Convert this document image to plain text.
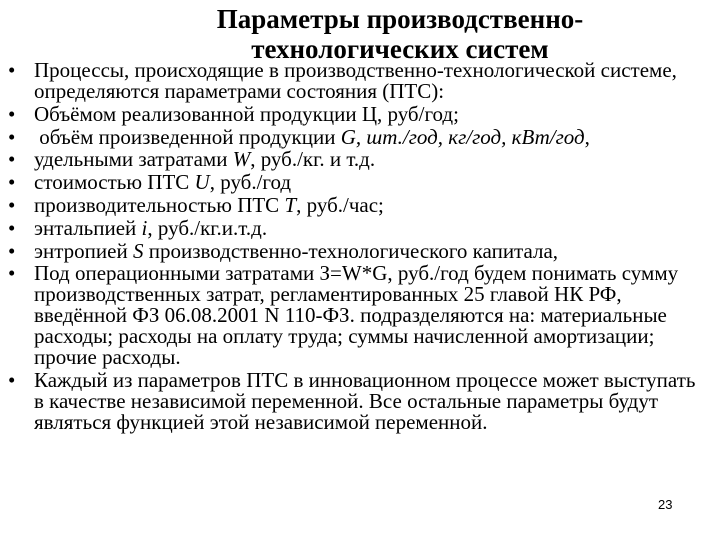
Параметры производственно-
технологических систем
• Процессы, происходящие в производственно-технологической системе, определяются параметрами состояния (ПТС):
• Объёмом реализованной продукции Ц, руб/год;
• объём произведенной продукции G, шт./год, кг/год, кВт/год,
• удельными затратами W, руб./кг. и т.д.
• стоимостью ПТС U, руб./год
• производительностью ПТС Т, руб./час;
• энтальпией i, руб./кг.и.т.д.
• энтропией S производственно-технологического капитала,
• Под операционными затратами З=W*G, руб./год будем понимать сумму производственных затрат, регламентированных 25 главой НК РФ, введённой ФЗ 06.08.2001 N 110-ФЗ. подразделяются на: материальные расходы; расходы на оплату труда; суммы начисленной амортизации; прочие расходы.
• Каждый из параметров ПТС в инновационном процессе может выступать в качестве независимой переменной. Все остальные параметры будут являться функцией этой независимой переменной.
23
